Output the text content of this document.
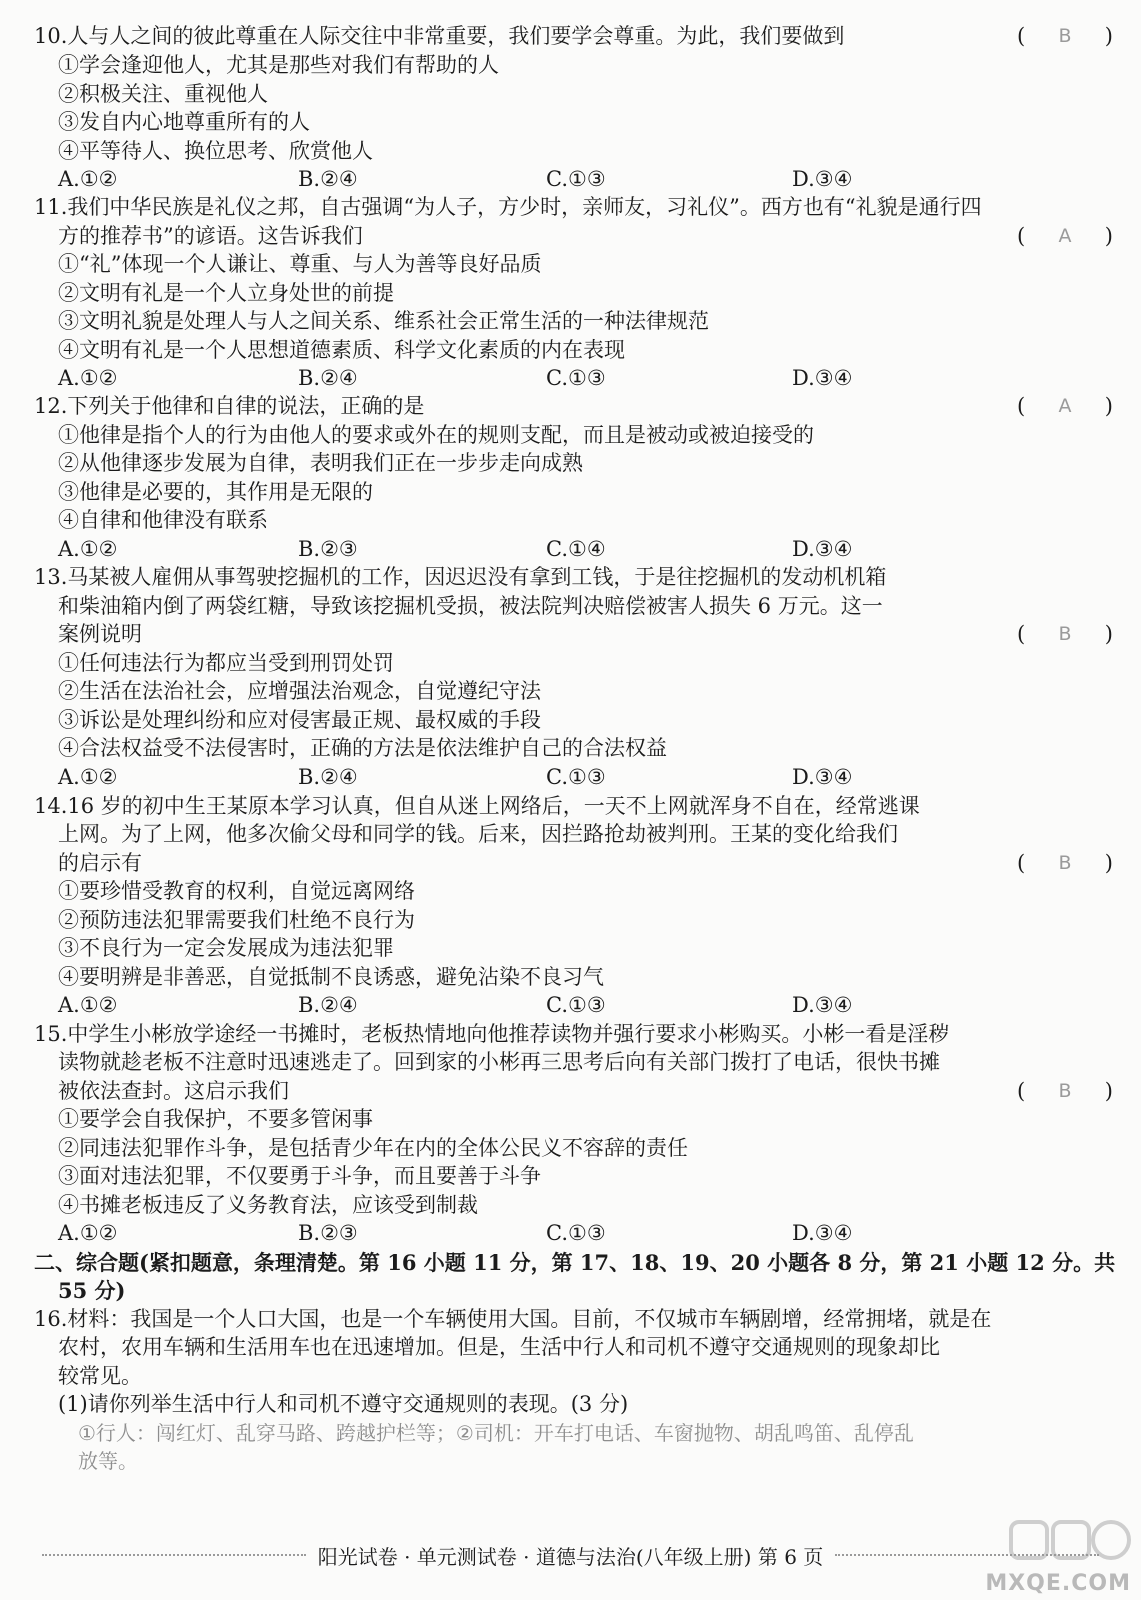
10.人与人之间的彼此尊重在人际交往中非常重要，我们要学会尊重。为此，我们要做到	( B )
①学会逢迎他人，尤其是那些对我们有帮助的人
②积极关注、重视他人
③发自内心地尊重所有的人
④平等待人、换位思考、欣赏他人
A.①②	B.②④	C.①③	D.③④
11.我们中华民族是礼仪之邦，自古强调“为人子，方少时，亲师友，习礼仪”。西方也有“礼貌是通行四
方的推荐书”的谚语。这告诉我们	( A )
①“礼”体现一个人谦让、尊重、与人为善等良好品质
②文明有礼是一个人立身处世的前提
③文明礼貌是处理人与人之间关系、维系社会正常生活的一种法律规范
④文明有礼是一个人思想道德素质、科学文化素质的内在表现
A.①②	B.②④	C.①③	D.③④
12.下列关于他律和自律的说法，正确的是	( A )
①他律是指个人的行为由他人的要求或外在的规则支配，而且是被动或被迫接受的
②从他律逐步发展为自律，表明我们正在一步步走向成熟
③他律是必要的，其作用是无限的
④自律和他律没有联系
A.①②	B.②③	C.①④	D.③④
13.马某被人雇佣从事驾驶挖掘机的工作，因迟迟没有拿到工钱，于是往挖掘机的发动机机箱
和柴油箱内倒了两袋红糖，导致该挖掘机受损，被法院判决赔偿被害人损失 6 万元。这一
案例说明	( B )
①任何违法行为都应当受到刑罚处罚
②生活在法治社会，应增强法治观念，自觉遵纪守法
③诉讼是处理纠纷和应对侵害最正规、最权威的手段
④合法权益受不法侵害时，正确的方法是依法维护自己的合法权益
A.①②	B.②④	C.①③	D.③④
14.16 岁的初中生王某原本学习认真，但自从迷上网络后，一天不上网就浑身不自在，经常逃课
上网。为了上网，他多次偷父母和同学的钱。后来，因拦路抢劫被判刑。王某的变化给我们
的启示有	( B )
①要珍惜受教育的权利，自觉远离网络
②预防违法犯罪需要我们杜绝不良行为
③不良行为一定会发展成为违法犯罪
④要明辨是非善恶，自觉抵制不良诱惑，避免沾染不良习气
A.①②	B.②④	C.①③	D.③④
15.中学生小彬放学途经一书摊时，老板热情地向他推荐读物并强行要求小彬购买。小彬一看是淫秽
读物就趁老板不注意时迅速逃走了。回到家的小彬再三思考后向有关部门拨打了电话，很快书摊
被依法查封。这启示我们	( B )
①要学会自我保护，不要多管闲事
②同违法犯罪作斗争，是包括青少年在内的全体公民义不容辞的责任
③面对违法犯罪，不仅要勇于斗争，而且要善于斗争
④书摊老板违反了义务教育法，应该受到制裁
A.①②	B.②③	C.①③	D.③④
二、综合题(紧扣题意，条理清楚。第 16 小题 11 分，第 17、18、19、20 小题各 8 分，第 21 小题 12 分。共
55 分)
16.材料：我国是一个人口大国，也是一个车辆使用大国。目前，不仅城市车辆剧增，经常拥堵，就是在
农村，农用车辆和生活用车也在迅速增加。但是，生活中行人和司机不遵守交通规则的现象却比
较常见。
(1)请你列举生活中行人和司机不遵守交通规则的表现。(3 分)
①行人：闯红灯、乱穿马路、跨越护栏等；②司机：开车打电话、车窗抛物、胡乱鸣笛、乱停乱
放等。
阳光试卷 · 单元测试卷 · 道德与法治(八年级上册) 第 6 页
MXQE.COM
